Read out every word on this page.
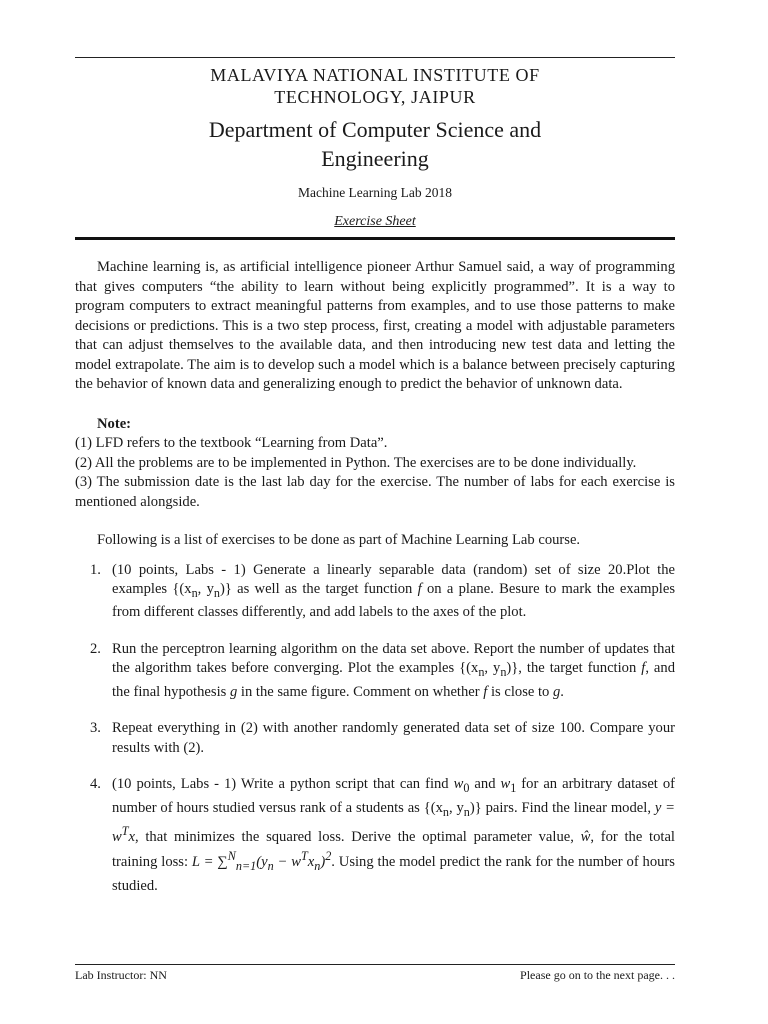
MALAVIYA NATIONAL INSTITUTE OF
TECHNOLOGY, JAIPUR
Department of Computer Science and
Engineering

Machine Learning Lab 2018

Exercise Sheet

Machine learning is, as artificial intelligence pioneer Arthur Samuel said, a way of programming that gives computers “the ability to learn without being explicitly programmed”. It is a way to program computers to extract meaningful patterns from examples, and to use those patterns to make decisions or predictions. This is a two step process, first, creating a model with adjustable parameters that can adjust themselves to the available data, and then introducing new test data and letting the model extrapolate. The aim is to develop such a model which is a balance between precisely capturing the behavior of known data and generalizing enough to predict the behavior of unknown data.

Note:

(1) LFD refers to the textbook “Learning from Data”.

(2) All the problems are to be implemented in Python. The exercises are to be done individually.

(3) The submission date is the last lab day for the exercise. The number of labs for each exercise is mentioned alongside.

Following is a list of exercises to be done as part of Machine Learning Lab course.

1. (10 points, Labs - 1) Generate a linearly separable data (random) set of size 20.Plot the examples {($x_n$, $y_n$)} as well as the target function f on a plane. Besure to mark the examples from different classes differently, and add labels to the axes of the plot.
2. Run the perceptron learning algorithm on the data set above. Report the number of updates that the algorithm takes before converging. Plot the examples {($x_n$, $y_n$)}, the target function f, and the final hypothesis g in the same figure. Comment on whether f is close to g.
3. Repeat everything in (2) with another randomly generated data set of size 100. Compare your results with (2).
4. (10 points, Labs - 1) Write a python script that can find $w_0$ and $w_1$ for an arbitrary dataset of number of hours studied versus rank of a students as {($x_n$, $y_n$)} pairs. Find the linear model, $y = w^Tx$, that minimizes the squared loss. Derive the optimal parameter value, ŵ, for the total training loss: $L = \sum^N_{n=1}(y_n - w^Tx_n)^2$. Using the model predict the rank for the number of hours studied.
Lab Instructor: NN	Please go on to the next page. . .
